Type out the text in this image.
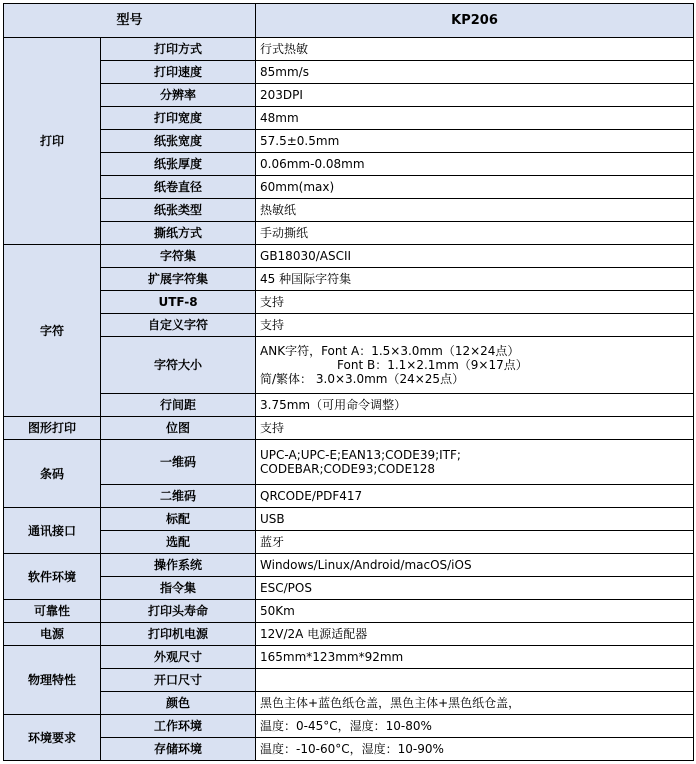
型号		KP206
打印	打印方式	行式热敏
	打印速度	85mm/s
	分辨率	203DPI
	打印宽度	48mm
	纸张宽度	57.5±0.5mm
	纸张厚度	0.06mm-0.08mm
	纸卷直径	60mm(max)
	纸张类型	热敏纸
	撕纸方式	手动撕纸
字符	字符集	GB18030/ASCII
	扩展字符集	45 种国际字符集
	UTF-8	支持
	自定义字符	支持
	字符大小	ANK字符，Font A：1.5×3.0mm（12×24点）
Font B：1.1×2.1mm（9×17点）
简/繁体： 3.0×3.0mm（24×25点）

	行间距	3.75mm（可用命令调整）
图形打印	位图	支持
条码	一维码	UPC-A;UPC-E;EAN13;CODE39;ITF;
CODEBAR;CODE93;CODE128

	二维码	QRCODE/PDF417
通讯接口	标配	USB
	选配	蓝牙
软件环境	操作系统	Windows/Linux/Android/macOS/iOS
	指令集	ESC/POS
可靠性	打印头寿命	50Km
电源	打印机电源	12V/2A 电源适配器
物理特性	外观尺寸	165mm*123mm*92mm
	开口尺寸	
	颜色	黑色主体+蓝色纸仓盖，黑色主体+黑色纸仓盖，
环境要求	工作环境	温度：0-45°C，湿度：10-80%
	存储环境	温度：-10-60°C，湿度：10-90%
